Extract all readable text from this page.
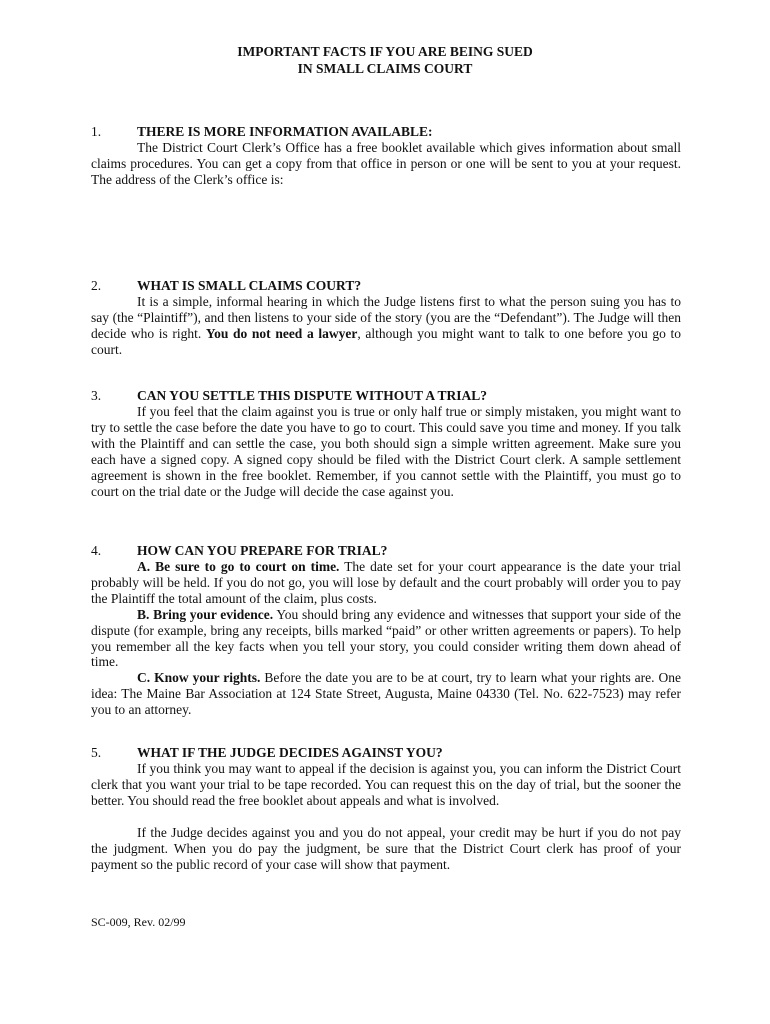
IMPORTANT FACTS IF YOU ARE BEING SUED
IN SMALL CLAIMS COURT
1.	THERE IS MORE INFORMATION AVAILABLE:

The District Court Clerk’s Office has a free booklet available which gives information about small claims procedures. You can get a copy from that office in person or one will be sent to you at your request. The address of the Clerk’s office is:

2.	WHAT IS SMALL CLAIMS COURT?

It is a simple, informal hearing in which the Judge listens first to what the person suing you has to say (the “Plaintiff”), and then listens to your side of the story (you are the “Defendant”). The Judge will then decide who is right. You do not need a lawyer, although you might want to talk to one before you go to court.

3.	CAN YOU SETTLE THIS DISPUTE WITHOUT A TRIAL?

If you feel that the claim against you is true or only half true or simply mistaken, you might want to try to settle the case before the date you have to go to court. This could save you time and money. If you talk with the Plaintiff and can settle the case, you both should sign a simple written agreement. Make sure you each have a signed copy. A signed copy should be filed with the District Court clerk. A sample settlement agreement is shown in the free booklet. Remember, if you cannot settle with the Plaintiff, you must go to court on the trial date or the Judge will decide the case against you.

4.	HOW CAN YOU PREPARE FOR TRIAL?

A. Be sure to go to court on time. The date set for your court appearance is the date your trial probably will be held. If you do not go, you will lose by default and the court probably will order you to pay the Plaintiff the total amount of the claim, plus costs.

B. Bring your evidence. You should bring any evidence and witnesses that support your side of the dispute (for example, bring any receipts, bills marked “paid” or other written agreements or papers). To help you remember all the key facts when you tell your story, you could consider writing them down ahead of time.

C. Know your rights. Before the date you are to be at court, try to learn what your rights are. One idea: The Maine Bar Association at 124 State Street, Augusta, Maine 04330 (Tel. No. 622-7523) may refer you to an attorney.

5.	WHAT IF THE JUDGE DECIDES AGAINST YOU?

If you think you may want to appeal if the decision is against you, you can inform the District Court clerk that you want your trial to be tape recorded. You can request this on the day of trial, but the sooner the better. You should read the free booklet about appeals and what is involved.

If the Judge decides against you and you do not appeal, your credit may be hurt if you do not pay the judgment. When you do pay the judgment, be sure that the District Court clerk has proof of your payment so the public record of your case will show that payment.

SC-009, Rev. 02/99
